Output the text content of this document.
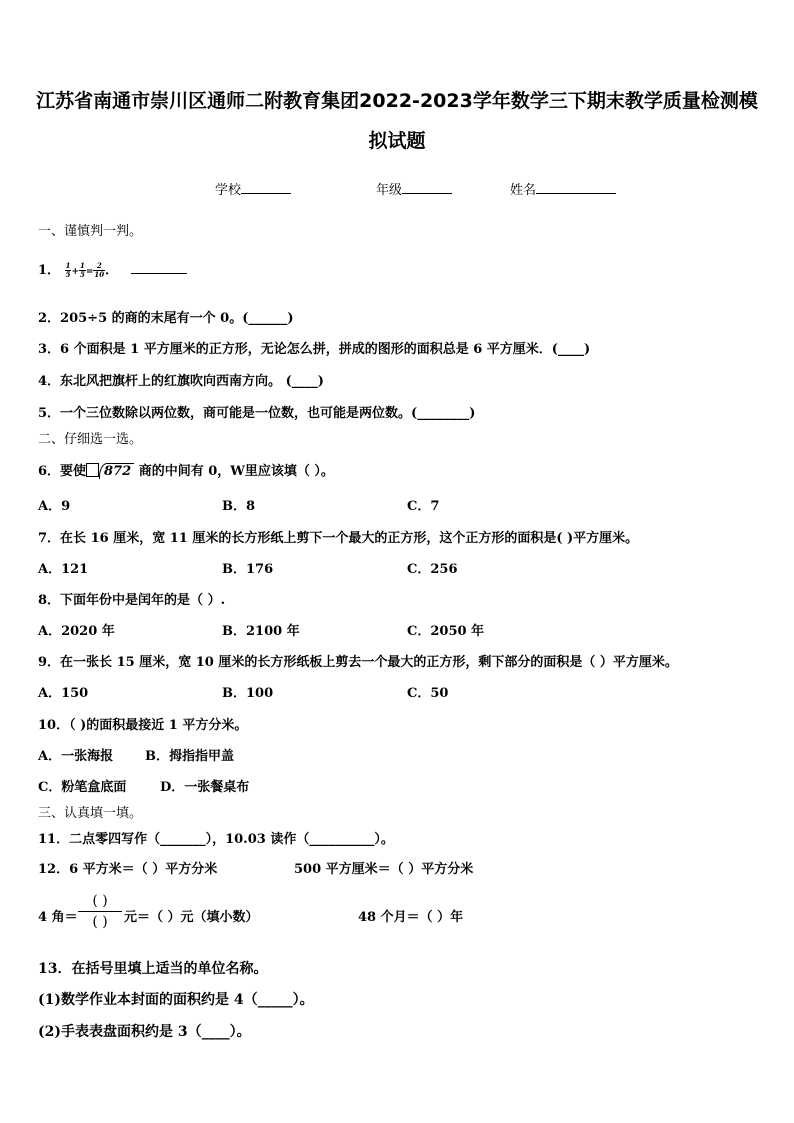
江苏省南通市崇川区通师二附教育集团2022-2023学年数学三下期末教学质量检测模
拟试题
学校	年级	姓名
一、谨慎判一判。
1． $\frac{1}{5} + \frac{1}{5} = \frac{2}{10}$ ．
2．205÷5 的商的末尾有一个 0。(______)
3．6 个面积是 1 平方厘米的正方形，无论怎么拼，拼成的图形的面积总是 6 平方厘米．(____)
4．东北风把旗杆上的红旗吹向西南方向。 (____)
5．一个三位数除以两位数，商可能是一位数，也可能是两位数。(________)
二、仔细选一选。
6．要使 872 商的中间有 0，W里应该填（ ）。
A．9	B．8	C．7
7．在长 16 厘米，宽 11 厘米的长方形纸上剪下一个最大的正方形，这个正方形的面积是( )平方厘米。
A．121	B．176	C．256
8．下面年份中是闰年的是（ ）.
A．2020 年	B．2100 年	C．2050 年
9．在一张长 15 厘米，宽 10 厘米的长方形纸板上剪去一个最大的正方形，剩下部分的面积是（ ）平方厘米。
A．150	B．100	C．50
10．（ )的面积最接近 1 平方分米。
A．一张海报 B．拇指指甲盖
C．粉笔盒底面	D．一张餐桌布
三、认真填一填。
11．二点零四写作（_______），10.03 读作（__________）。
12．6 平方米＝（ ）平方分米	500 平方厘米＝（ ）平方分米
4 角＝
( )
( )	元＝（ ）元（填小数）	48 个月＝（ ）年
13．在括号里填上适当的单位名称。
(1)数学作业本封面的面积约是 4（_____）。
(2)手表表盘面积约是 3（____）。
